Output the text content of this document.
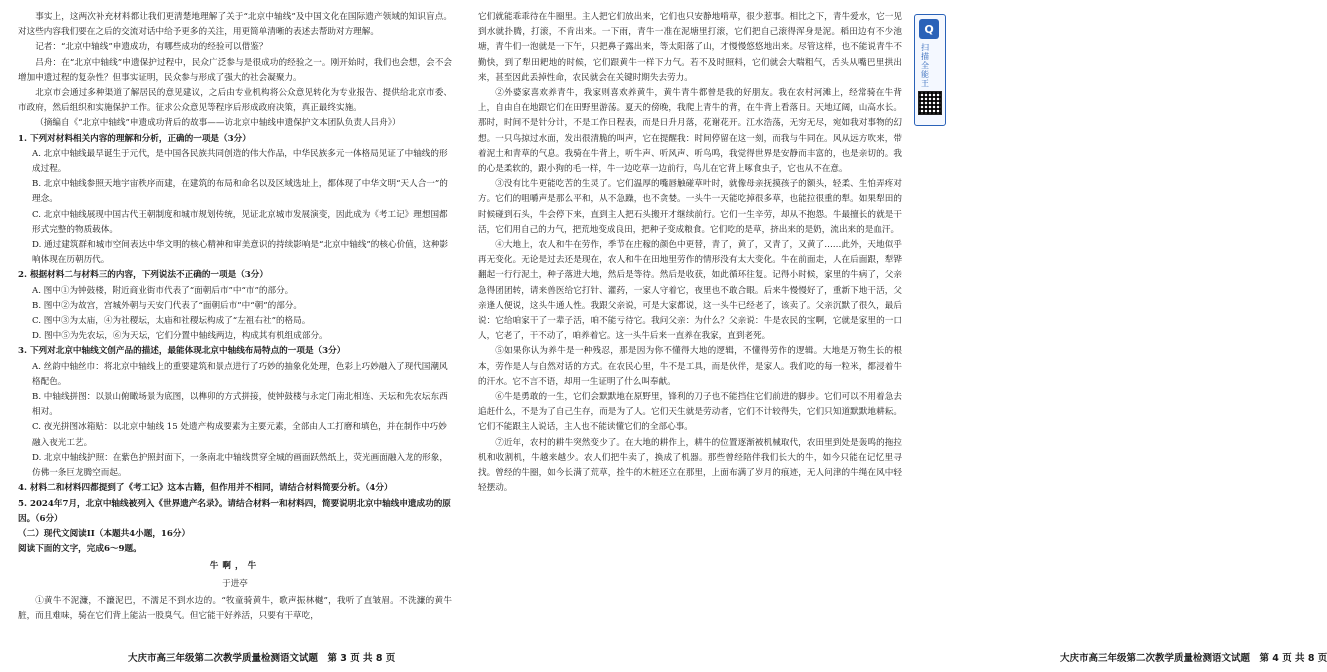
事实上，这两次补充材料都让我们更清楚地理解了关于“北京中轴线”及中国文化在国际遗产领域的知识盲点。对这些内容我们要在之后的交流对话中给予更多的关注，用更简单清晰的表述去帮助对方理解。

记者：“北京中轴线”申遗成功，有哪些成功的经验可以借鉴？

吕舟：在“北京中轴线”申遗保护过程中，民众广泛参与是很成功的经验之一。刚开始时，我们也会想，会不会增加申遗过程的复杂性？但事实证明，民众参与形成了强大的社会凝聚力。

北京市会通过多种渠道了解居民的意见建议，之后由专业机构将公众意见转化为专业报告、提供给北京市委、市政府，然后组织和实施保护工作。征求公众意见等程序后形成政府决策，真正最终实施。

（摘编自《“北京中轴线”申遗成功背后的故事——访北京中轴线申遗保护文本团队负责人吕舟》）

1. 下列对材料相关内容的理解和分析，正确的一项是（3分）

A. 北京中轴线最早诞生于元代，是中国各民族共同创造的伟大作品，中华民族多元一体格局见证了中轴线的形成过程。

B. 北京中轴线参照天地宇宙秩序而建，在建筑的布局和命名以及区域选址上，都体现了中华文明“天人合一”的理念。

C. 北京中轴线展现中国古代王朝制度和城市规划传统，见证北京城市发展演变，因此成为《考工记》理想国都形式完整的物质载体。

D. 通过建筑群和城市空间表达中华文明的核心精神和审美意识的持续影响是“北京中轴线”的核心价值，这种影响体现在历朝历代。

2. 根据材料二与材料三的内容，下列说法不正确的一项是（3分）

A. 图中①为钟鼓楼，附近商业街市代表了“面朝后市”中“市”的部分。

B. 图中②为故宫，宫城外朝与天安门代表了“面朝后市”中“朝”的部分。

C. 图中③为太庙，④为社稷坛，太庙和社稷坛构成了“左祖右社”的格局。

D. 图中⑤为先农坛，⑥为天坛，它们分置中轴线两边，构成其有机组成部分。

3. 下列对北京中轴线文创产品的描述，最能体现北京中轴线布局特点的一项是（3分）

A. 丝韵中轴丝巾：将北京中轴线上的重要建筑和景点进行了巧妙的抽象化处理，色彩上巧妙融入了现代国潮风格配色。

B. 中轴线拼图：以景山俯瞰场景为底图，以榫卯的方式拼接，使钟鼓楼与永定门南北相连、天坛和先农坛东西相对。

C. 夜光拼图冰箱贴：以北京中轴线 15 处遗产构成要素为主要元素，全部由人工打磨和填色，并在制作中巧妙融入夜光工艺。

D. 北京中轴线护照：在紫色护照封面下，一条南北中轴线贯穿全城的画面跃然纸上，荧光画面融入龙的形象，仿佛一条巨龙腾空而起。

4. 材料二和材料四都提到了《考工记》这本古籍，但作用并不相同，请结合材料简要分析。（4分）

5. 2024年7月，北京中轴线被列入《世界遗产名录》。请结合材料一和材料四，简要说明北京中轴线申遗成功的原因。（6分）

（二）现代文阅读II（本题共4小题，16分）

阅读下面的文字，完成6～9题。

牛啊，牛

于进亭

①黄牛不泥濂，不濂泥巴，不濡足不到水边的。“牧童骑黄牛，歌声振林樾”，我听了直皱眉。不洗濂的黄牛脏，而且难味，骑在它们背上能沾一股臭气。但它能干好养活，只要有干草吃，

大庆市高三年级第二次教学质量检测语文试题　第 3 页 共 8 页

它们就能乖乖待在牛圈里。主人把它们放出来，它们也只安静地啃草，很少惹事。相比之下，青牛爱水，它一见到水就扑腾，打滚，不肯出来。一下雨，青牛一准在泥塘里打滚，它们把自己滚得浑身是泥。稻田边有不少池塘，青牛们一泡就是一下午，只把鼻子露出来，等太阳落了山，才慢慢悠悠地出来。尽管这样，也不能说青牛不勤快，到了犁田耙地的时候，它们跟黄牛一样下力气。若不及时照料，它们就会大喘粗气，舌头从嘴巴里拱出来，甚至因此丢掉性命，农民就会在关键时期失去劳力。

②外婆家喜欢养青牛，我家则喜欢养黄牛，黄牛青牛都曾是我的好朋友。我在农村河滩上，经常骑在牛背上，自由自在地跟它们在田野里游荡。夏天的傍晚，我爬上青牛的背，在牛背上看落日。天地辽阔，山高水长。那时，时间不是针分计，不是工作日程表，而是日升月落，花谢花开。江水浩荡，无穷无尽，宛如我对事物的幻想。一只鸟掠过水面，发出很清脆的叫声，它在提醒我：时间停留在这一刻，而我与牛同在。风从远方吹来，带着泥土和青草的气息。我骑在牛背上，听牛声、听风声、听鸟鸣，我觉得世界是安静而丰富的，也是亲切的。我的心是柔软的，跟小狗的毛一样，牛一边吃草一边前行，鸟儿在它背上啄食虫子，它也从不在意。

③没有比牛更能吃苦的生灵了。它们温厚的嘴唇触碰草叶时，就像母亲抚摸孩子的额头，轻柔、生怕弄疼对方。它们的咀嚼声是那么平和，从不急躁，也不贪婪。一头牛一天能吃掉很多草，也能拉很重的犁。如果犁田的时候碰到石头，牛会停下来，直到主人把石头搬开才继续前行。它们一生辛劳，却从不抱怨。牛最擅长的就是干活，它们用自己的力气，把荒地变成良田，把种子变成粮食。它们吃的是草，挤出来的是奶，流出来的是血汗。

④大地上，农人和牛在劳作，季节在庄稼的颜色中更替，青了，黄了，又青了，又黄了……此外，天地似乎再无变化。无论是过去还是现在，农人和牛在田地里劳作的情形没有太大变化。牛在前面走，人在后面跟，犁铧翻起一行行泥土，种子落进大地，然后是等待。然后是收获，如此循环往复。记得小时候，家里的牛病了，父亲急得团团转，请来兽医给它打针、灌药，一家人守着它，夜里也不敢合眼。后来牛慢慢好了，重新下地干活，父亲逢人便说，这头牛通人性。我跟父亲说，可是大家都说，这一头牛已经老了，该卖了。父亲沉默了很久，最后说：它给咱家干了一辈子活，咱不能亏待它。我问父亲：为什么？父亲说：牛是农民的宝啊，它就是家里的一口人，它老了，干不动了，咱养着它。这一头牛后来一直养在我家，直到老死。

⑤如果你认为养牛是一种残忍，那是因为你不懂得大地的逻辑，不懂得劳作的逻辑。大地是万物生长的根本，劳作是人与自然对话的方式。在农民心里，牛不是工具，而是伙伴，是家人。我们吃的每一粒米，都浸着牛的汗水。它不言不语，却用一生证明了什么叫奉献。

⑥牛是勇敢的一生，它们会默默地在原野里，锋利的刀子也不能挡住它们前进的脚步。它们可以不用着急去追赶什么，不是为了自己生存，而是为了人。它们天生就是劳动者，它们不计较得失，它们只知道默默地耕耘。它们不能跟主人说话，主人也不能读懂它们的全部心事。

⑦近年，农村的耕牛突然变少了。在大地的耕作上，耕牛的位置逐渐被机械取代，农田里到处是轰鸣的拖拉机和收割机，牛越来越少。农人们把牛卖了，换成了机器。那些曾经陪伴我们长大的牛，如今只能在记忆里寻找。曾经的牛圈，如今长满了荒草，拴牛的木桩还立在那里，上面布满了岁月的痕迹，无人问津的牛绳在风中轻轻摆动。

大庆市高三年级第二次教学质量检测语文试题　第 4 页 共 8 页
Q
扫描全能王
